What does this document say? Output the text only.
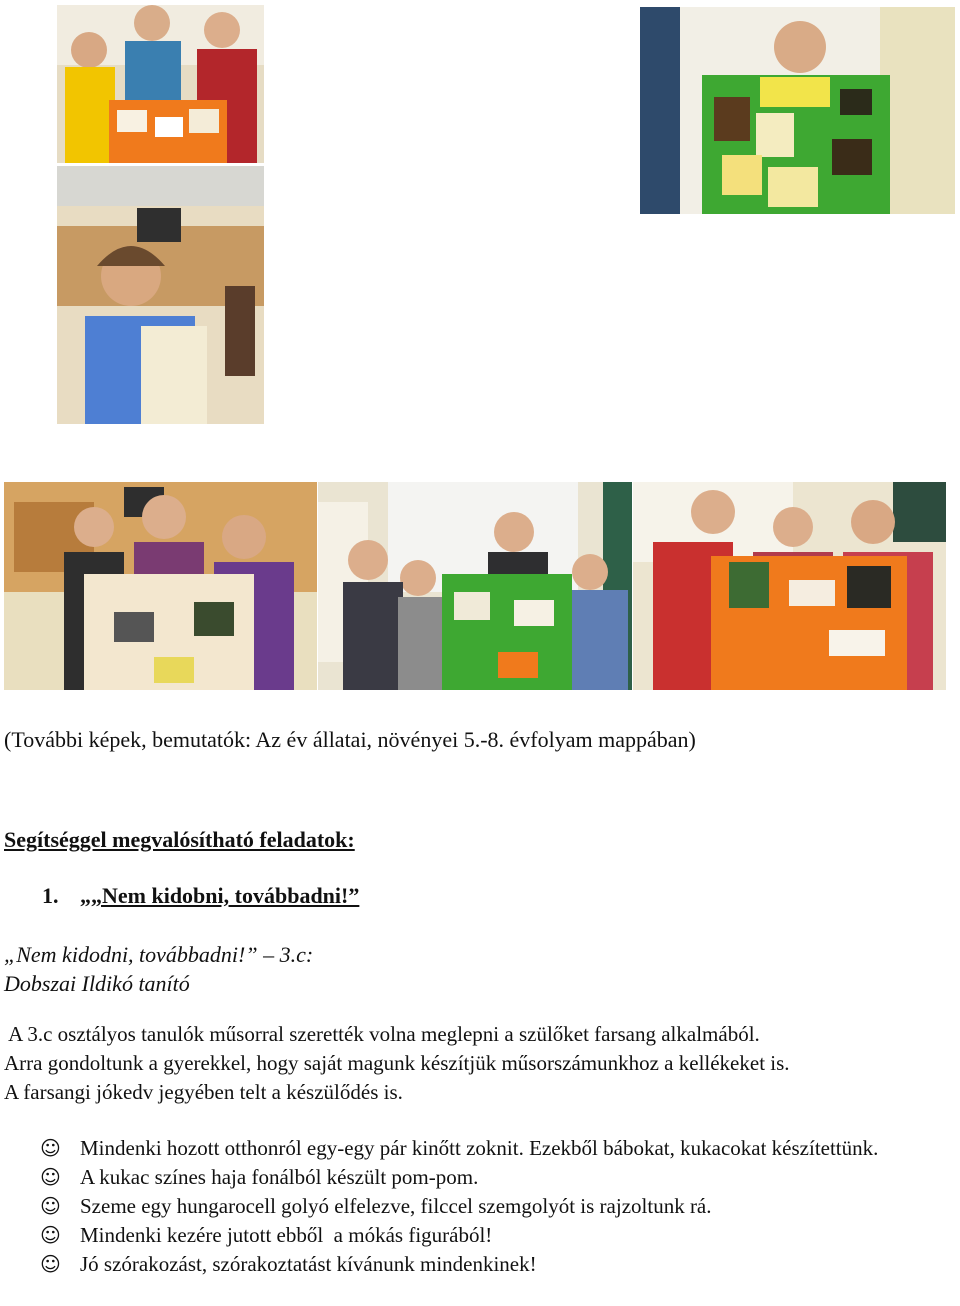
(További képek, bemutatók: Az év állatai, növényei 5.-8. évfolyam mappában)
Segítséggel megvalósítható feladatok:
1. „„Nem kidobni, továbbadni!”
„Nem kidodni, továbbadni!” – 3.c:
Dobszai Ildikó tanító
A 3.c osztályos tanulók műsorral szerették volna meglepni a szülőket farsang alkalmából.
Arra gondoltunk a gyerekkel, hogy saját magunk készítjük műsorszámunkhoz a kellékeket is.
A farsangi jókedv jegyében telt a készülődés is.
☺ Mindenki hozott otthonról egy-egy pár kinőtt zoknit. Ezekből bábokat, kukacokat készítettünk.
☺ A kukac színes haja fonálból készült pom-pom.
☺ Szeme egy hungarocell golyó elfelezve, filccel szemgolyót is rajzoltunk rá.
☺ Mindenki kezére jutott ebből  a mókás figurából!
☺ Jó szórakozást, szórakoztatást kívánunk mindenkinek!
